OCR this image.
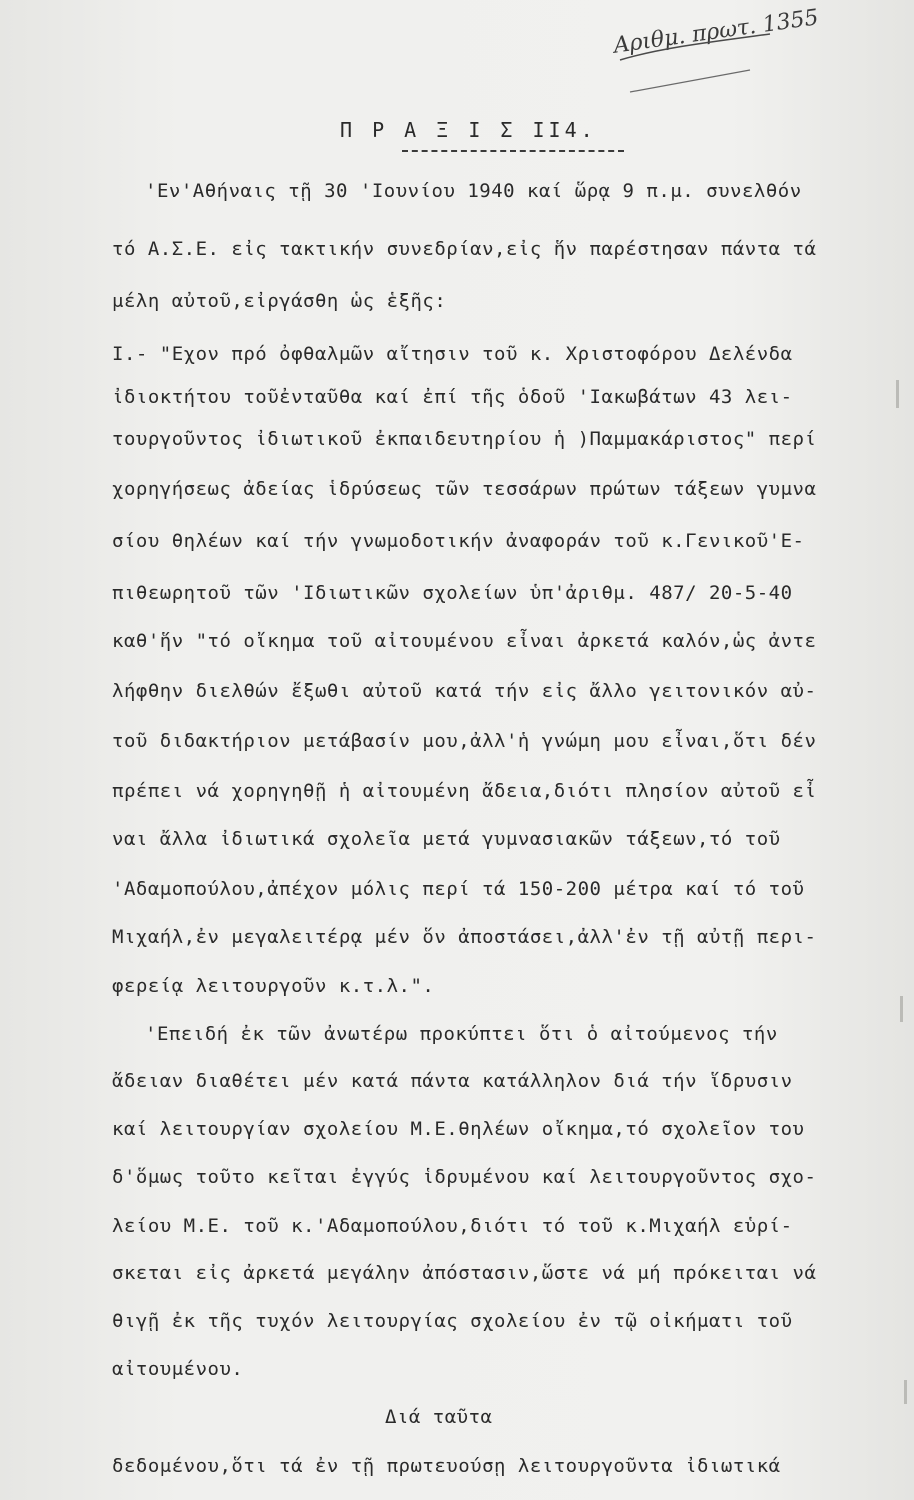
Αριθμ. πρωτ. 1355
Π Ρ Α Ξ Ι Σ ΙΙ4.
'Εν'Αθήναις τῇ 30 'Ιουνίου 1940 καί ὥρᾳ 9 π.μ. συνελθόν
τό Α.Σ.Ε. εἰς τακτικήν συνεδρίαν,εἰς ἥν παρέστησαν πάντα τά
μέλη αὐτοῦ,εἰργάσθη ὡς ἑξῆς:
Ι.- "Εχον πρό ὀφθαλμῶν αἴτησιν τοῦ κ. Χριστοφόρου Δελένδα
ἰδιοκτήτου τοῦἐνταῦθα καί ἐπί τῆς ὁδοῦ 'Ιακωβάτων 43 λει-
τουργοῦντος ἰδιωτικοῦ ἐκπαιδευτηρίου ἡ )Παμμακάριστος" περί
χορηγήσεως ἀδείας ἱδρύσεως τῶν τεσσάρων πρώτων τάξεων γυμνα
σίου θηλέων καί τήν γνωμοδοτικήν ἀναφοράν τοῦ κ.Γενικοῦ'Ε-
πιθεωρητοῦ τῶν 'Ιδιωτικῶν σχολείων ὑπ'ἀριθμ. 487/ 20-5-40
καθ'ἥν "τό οἴκημα τοῦ αἰτουμένου εἶναι ἀρκετά καλόν,ὡς ἀντε
λήφθην διελθών ἔξωθι αὐτοῦ κατά τήν εἰς ἄλλο γειτονικόν αὐ-
τοῦ διδακτήριον μετάβασίν μου,ἀλλ'ἡ γνώμη μου εἶναι,ὅτι δέν
πρέπει νά χορηγηθῇ ἡ αἰτουμένη ἄδεια,διότι πλησίον αὐτοῦ εἶ
ναι ἄλλα ἰδιωτικά σχολεῖα μετά γυμνασιακῶν τάξεων,τό τοῦ
'Αδαμοπούλου,ἀπέχον μόλις περί τά 150-200 μέτρα καί τό τοῦ
Μιχαήλ,ἐν μεγαλειτέρᾳ μέν ὅν ἀποστάσει,ἀλλ'ἐν τῇ αὐτῇ περι-
φερείᾳ λειτουργοῦν κ.τ.λ.".
'Επειδή ἐκ τῶν ἀνωτέρω προκύπτει ὅτι ὁ αἰτούμενος τήν
ἄδειαν διαθέτει μέν κατά πάντα κατάλληλον διά τήν ἵδρυσιν
καί λειτουργίαν σχολείου Μ.Ε.θηλέων οἴκημα,τό σχολεῖον του
δ'ὅμως τοῦτο κεῖται ἐγγύς ἱδρυμένου καί λειτουργοῦντος σχο-
λείου Μ.Ε. τοῦ κ.'Αδαμοπούλου,διότι τό τοῦ κ.Μιχαήλ εὑρί-
σκεται εἰς ἀρκετά μεγάλην ἀπόστασιν,ὥστε νά μή πρόκειται νά
θιγῇ ἐκ τῆς τυχόν λειτουργίας σχολείου ἐν τῷ οἰκήματι τοῦ
αἰτουμένου.
Διά ταῦτα
δεδομένου,ὅτι τά ἐν τῇ πρωτευούσῃ λειτουργοῦντα ἰδιωτικά
